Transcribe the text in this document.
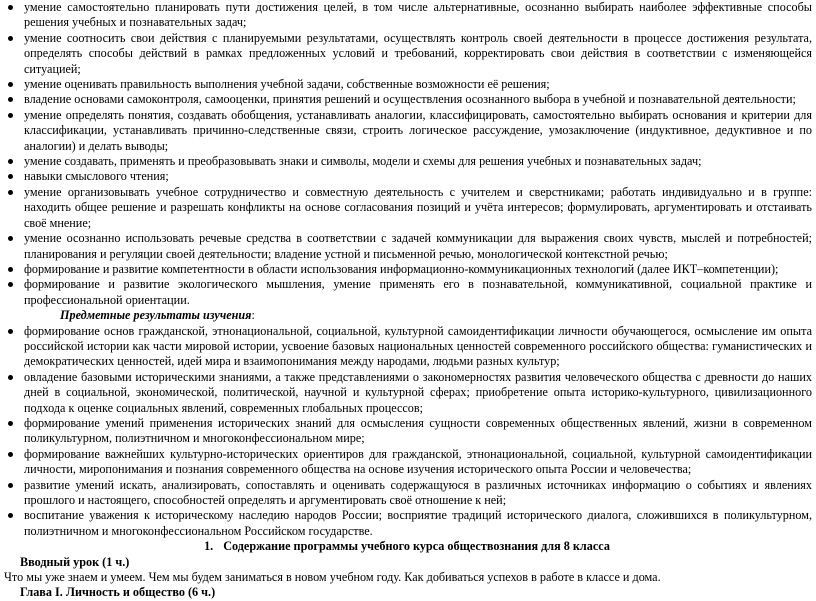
умение самостоятельно планировать пути достижения целей, в том числе альтернативные, осознанно выбирать наиболее эффективные способы решения учебных и познавательных задач;
умение соотносить свои действия с планируемыми результатами, осуществлять контроль своей деятельности в процессе достижения результата, определять способы действий в рамках предложенных условий и требований, корректировать свои действия в соответствии с изменяющейся ситуацией;
умение оценивать правильность выполнения учебной задачи, собственные возможности её решения;
владение основами самоконтроля, самооценки, принятия решений и осуществления осознанного выбора в учебной и познавательной деятельности;
умение определять понятия, создавать обобщения, устанавливать аналогии, классифицировать, самостоятельно выбирать основания и критерии для классификации, устанавливать причинно-следственные связи, строить логическое рассуждение, умозаключение (индуктивное, дедуктивное и по аналогии) и делать выводы;
умение создавать, применять и преобразовывать знаки и символы, модели и схемы для решения учебных и познавательных задач;
навыки смыслового чтения;
умение организовывать учебное сотрудничество и совместную деятельность с учителем и сверстниками; работать индивидуально и в группе: находить общее решение и разрешать конфликты на основе согласования позиций и учёта интересов; формулировать, аргументировать и отстаивать своё мнение;
умение осознанно использовать речевые средства в соответствии с задачей коммуникации для выражения своих чувств, мыслей и потребностей; планирования и регуляции своей деятельности; владение устной и письменной речью, монологической контекстной речью;
формирование и развитие компетентности в области использования информационно-коммуникационных технологий (далее ИКТ–компетенции);
формирование и развитие экологического мышления, умение применять его в познавательной, коммуникативной, социальной практике и профессиональной ориентации.
Предметные результаты изучения:
формирование основ гражданской, этнонациональной, социальной, культурной самоидентификации личности обучающегося, осмысление им опыта российской истории как части мировой истории, усвоение базовых национальных ценностей современного российского общества: гуманистических и демократических ценностей, идей мира и взаимопонимания между народами, людьми разных культур;
овладение базовыми историческими знаниями, а также представлениями о закономерностях развития человеческого общества с древности до наших дней в социальной, экономической, политической, научной и культурной сферах; приобретение опыта историко-культурного, цивилизационного подхода к оценке социальных явлений, современных глобальных процессов;
формирование умений применения исторических знаний для осмысления сущности современных общественных явлений, жизни в современном поликультурном, полиэтничном и многоконфессиональном мире;
формирование важнейших культурно-исторических ориентиров для гражданской, этнонациональной, социальной, культурной самоидентификации личности, миропонимания и познания современного общества на основе изучения исторического опыта России и человечества;
развитие умений искать, анализировать, сопоставлять и оценивать содержащуюся в различных источниках информацию о событиях и явлениях прошлого и настоящего, способностей определять и аргументировать своё отношение к ней;
воспитание уважения к историческому наследию народов России; восприятие традиций исторического диалога, сложившихся в поликультурном, полиэтничном и многоконфессиональном Российском государстве.
1. Содержание программы учебного курса обществознания для 8 класса
Вводный урок (1 ч.)
Что мы уже знаем и умеем. Чем мы будем заниматься в новом учебном году. Как добиваться успехов в работе в классе и дома.
Глава I. Личность и общество (6 ч.)
